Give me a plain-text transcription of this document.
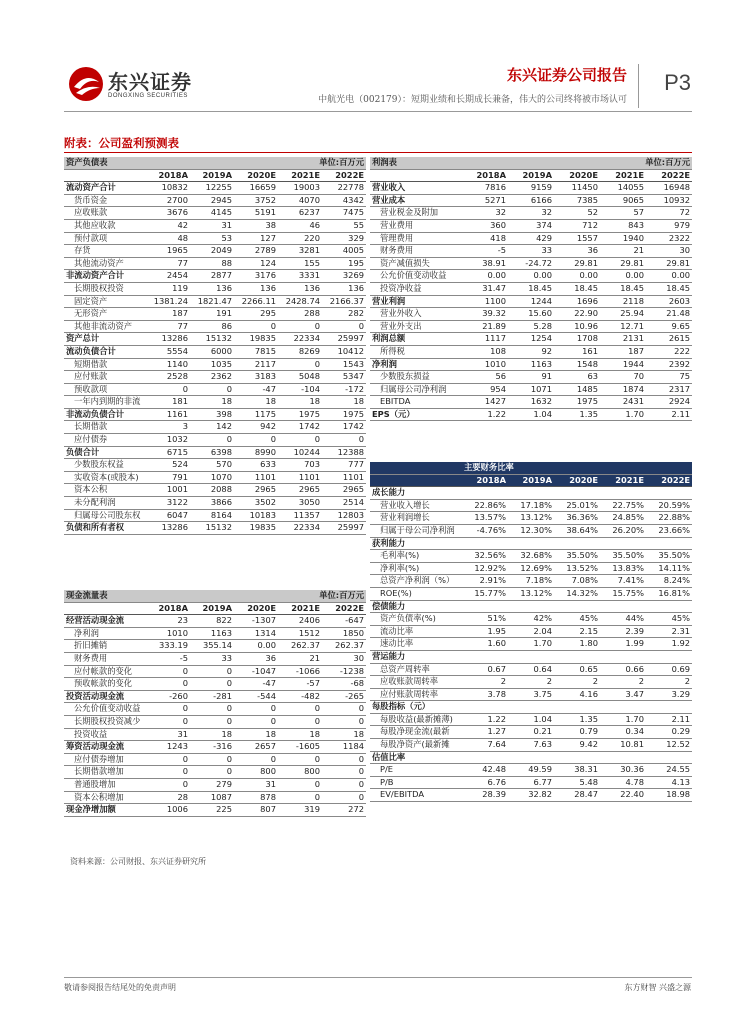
东兴证券
DONGXING SECURITIES
东兴证券公司报告 P3
中航光电（002179）：短期业绩和长期成长兼备，伟大的公司终将被市场认可
附表：公司盈利预测表
资产负债表			单位:百万元		
	2018A	2019A	2020E	2021E	2022E
流动资产合计	10832	12255	16659	19003	22778
货币资金	2700	2945	3752	4070	4342
应收账款	3676	4145	5191	6237	7475
其他应收款	42	31	38	46	55
预付款项	48	53	127	220	329
存货	1965	2049	2789	3281	4005
其他流动资产	77	88	124	155	195
非流动资产合计	2454	2877	3176	3331	3269
长期股权投资	119	136	136	136	136
固定资产	1381.24	1821.47	2266.11	2428.74	2166.37
无形资产	187	191	295	288	282
其他非流动资产	77	86	0	0	0
资产总计	13286	15132	19835	22334	25997
流动负债合计	5554	6000	7815	8269	10412
短期借款	1140	1035	2117	0	1543
应付账款	2528	2362	3183	5048	5347
预收款项	0	0	-47	-104	-172
一年内到期的非流	181	18	18	18	18
非流动负债合计	1161	398	1175	1975	1975
长期借款	3	142	942	1742	1742
应付债券	1032	0	0	0	0
负债合计	6715	6398	8990	10244	12388
少数股东权益	524	570	633	703	777
实收资本(或股本)	791	1070	1101	1101	1101
资本公积	1001	2088	2965	2965	2965
未分配利润	3122	3866	3502	3050	2514
归属母公司股东权	6047	8164	10183	11357	12803
负债和所有者权	13286	15132	19835	22334	25997
利润表			单位:百万元		
	2018A	2019A	2020E	2021E	2022E
营业收入	7816	9159	11450	14055	16948
营业成本	5271	6166	7385	9065	10932
营业税金及附加	32	32	52	57	72
营业费用	360	374	712	843	979
管理费用	418	429	1557	1940	2322
财务费用	-5	33	36	21	30
资产减值损失	38.91	-24.72	29.81	29.81	29.81
公允价值变动收益	0.00	0.00	0.00	0.00	0.00
投资净收益	31.47	18.45	18.45	18.45	18.45
营业利润	1100	1244	1696	2118	2603
营业外收入	39.32	15.60	22.90	25.94	21.48
营业外支出	21.89	5.28	10.96	12.71	9.65
利润总额	1117	1254	1708	2131	2615
所得税	108	92	161	187	222
净利润	1010	1163	1548	1944	2392
少数股东损益	56	91	63	70	75
归属母公司净利润	954	1071	1485	1874	2317
EBITDA	1427	1632	1975	2431	2924
EPS（元）	1.22	1.04	1.35	1.70	2.11
	主要财务比率				
	2018A	2019A	2020E	2021E	2022E
成长能力					
营业收入增长	22.86%	17.18%	25.01%	22.75%	20.59%
营业利润增长	13.57%	13.12%	36.36%	24.85%	22.88%
归属于母公司净利润	-4.76%	12.30%	38.64%	26.20%	23.66%
获利能力					
毛利率(%)	32.56%	32.68%	35.50%	35.50%	35.50%
净利率(%)	12.92%	12.69%	13.52%	13.83%	14.11%
总资产净利润（%）	2.91%	7.18%	7.08%	7.41%	8.24%
ROE(%)	15.77%	13.12%	14.32%	15.75%	16.81%
偿债能力					
资产负债率(%)	51%	42%	45%	44%	45%
流动比率	1.95	2.04	2.15	2.39	2.31
速动比率	1.60	1.70	1.80	1.99	1.92
营运能力					
总资产周转率	0.67	0.64	0.65	0.66	0.69
应收账款周转率	2	2	2	2	2
应付账款周转率	3.78	3.75	4.16	3.47	3.29
每股指标（元）					
每股收益(最新摊薄)	1.22	1.04	1.35	1.70	2.11
每股净现金流(最新	1.27	0.21	0.79	0.34	0.29
每股净资产(最新摊	7.64	7.63	9.42	10.81	12.52
估值比率					
P/E	42.48	49.59	38.31	30.36	24.55
P/B	6.76	6.77	5.48	4.78	4.13
EV/EBITDA	28.39	32.82	28.47	22.40	18.98
现金流量表			单位:百万元		
	2018A	2019A	2020E	2021E	2022E
经营活动现金流	23	822	-1307	2406	-647
净利润	1010	1163	1314	1512	1850
折旧摊销	333.19	355.14	0.00	262.37	262.37
财务费用	-5	33	36	21	30
应付帐款的变化	0	0	-1047	-1066	-1238
预收帐款的变化	0	0	-47	-57	-68
投资活动现金流	-260	-281	-544	-482	-265
公允价值变动收益	0	0	0	0	0
长期股权投资减少	0	0	0	0	0
投资收益	31	18	18	18	18
筹资活动现金流	1243	-316	2657	-1605	1184
应付债券增加	0	0	0	0	0
长期借款增加	0	0	800	800	0
普通股增加	0	279	31	0	0
资本公积增加	28	1087	878	0	0
现金净增加额	1006	225	807	319	272
资料来源：公司财报、东兴证券研究所
敬请参阅报告结尾处的免责声明	东方财智 兴盛之源
